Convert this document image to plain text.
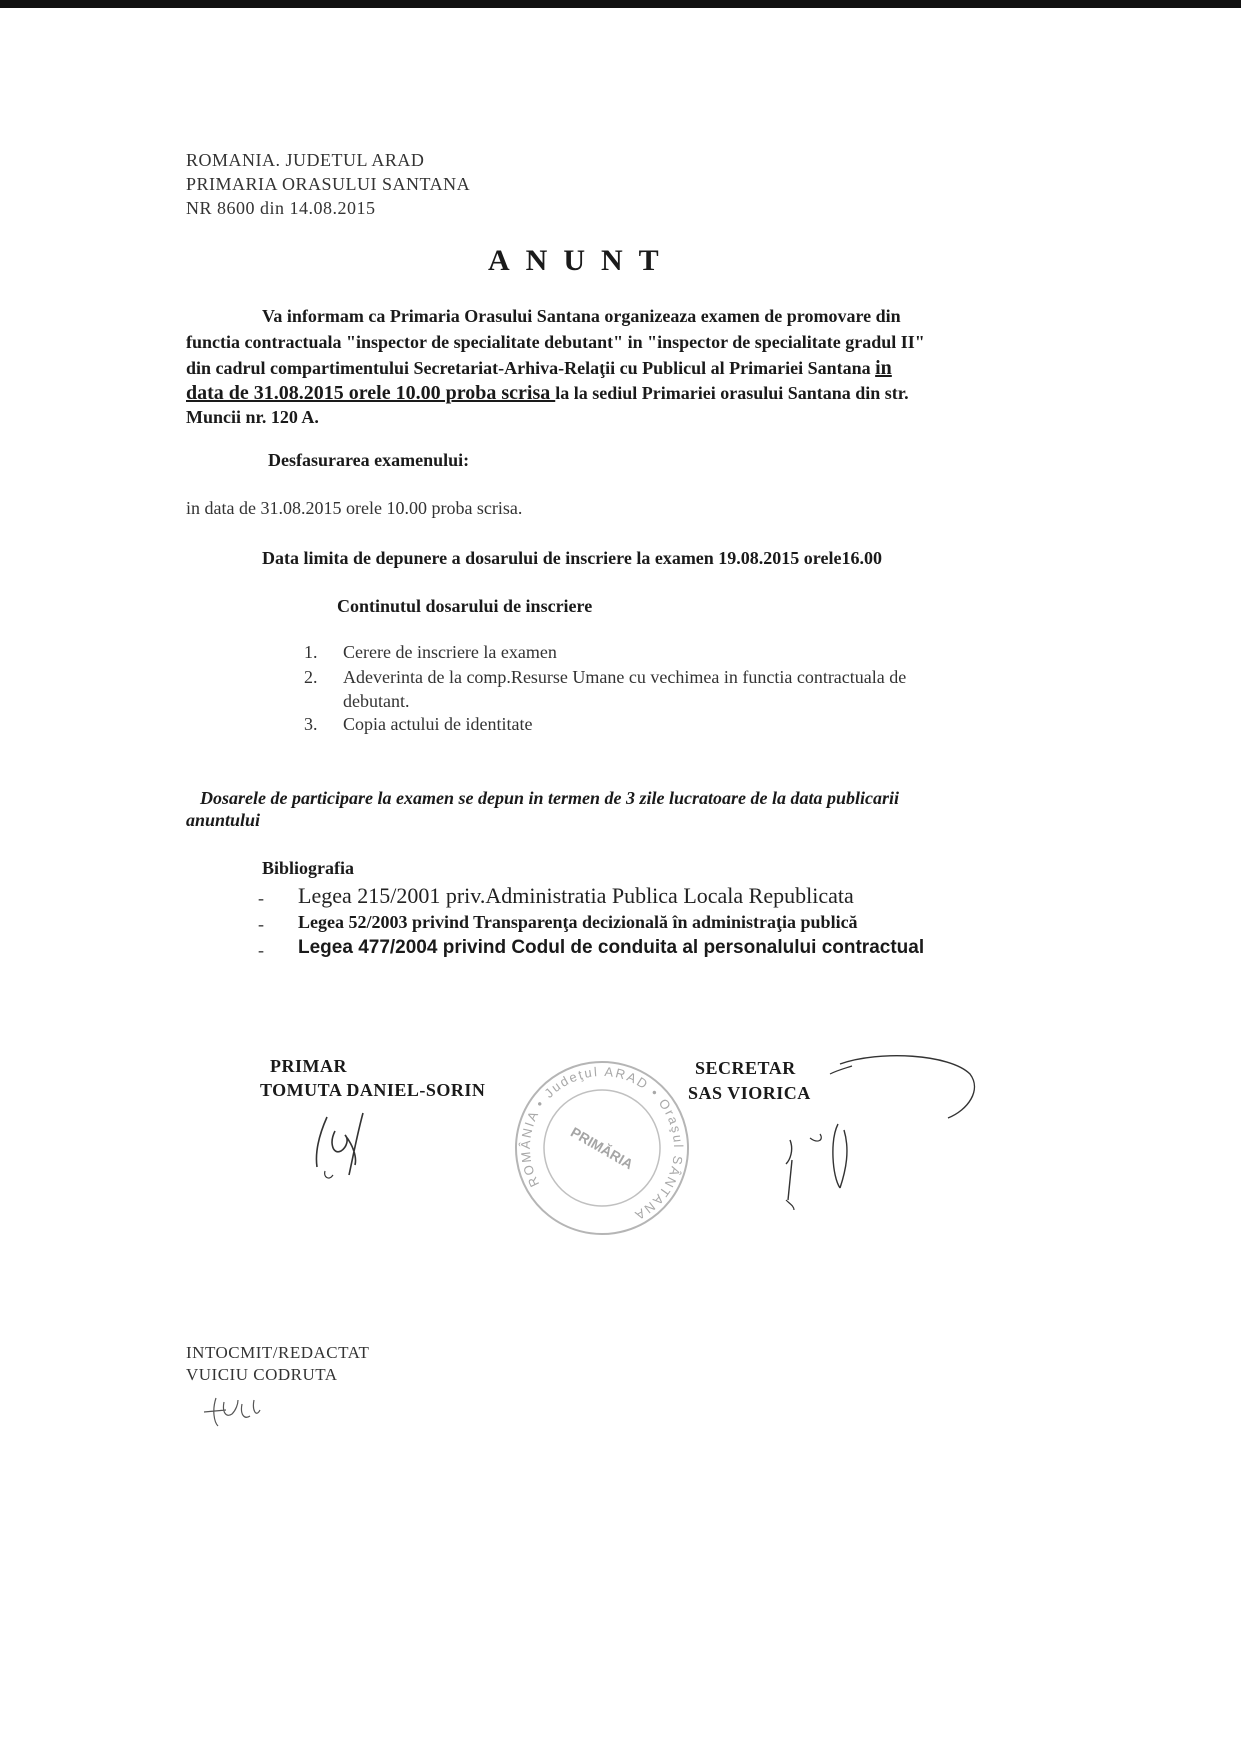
ROMANIA. JUDETUL ARAD
PRIMARIA ORASULUI SANTANA
NR 8600 din 14.08.2015
ANUNT
Va informam ca Primaria Orasului Santana organizeaza examen de promovare din
functia contractuala "inspector de specialitate debutant" in "inspector de specialitate gradul II"
din cadrul compartimentului Secretariat-Arhiva-Relaţii cu Publicul al Primariei Santana in
data de 31.08.2015 orele 10.00 proba scrisa la la sediul Primariei orasului Santana din str.
Muncii nr. 120 A.
Desfasurarea examenului:
in data de 31.08.2015 orele 10.00 proba scrisa.
Data limita de depunere a dosarului de inscriere la examen 19.08.2015 orele16.00
Continutul dosarului de inscriere
1. Cerere de inscriere la examen
2. Adeverinta de la comp.Resurse Umane cu vechimea in functia contractuala de
debutant.
3. Copia actului de identitate
Dosarele de participare la examen se depun in termen de 3 zile lucratoare de la data publicarii
anuntului
Bibliografia
- Legea 215/2001 priv.Administratia Publica Locala Republicata
- Legea 52/2003 privind Transparenţa decizională în administraţia publică
- Legea 477/2004 privind Codul de conduita al personalului contractual
PRIMAR
TOMUTA DANIEL-SORIN
SECRETAR
SAS VIORICA
ROMÂNIA • Judeţul ARAD • Oraşul SÂNTANA
PRIMĂRIA
INTOCMIT/REDACTAT
VUICIU CODRUTA
